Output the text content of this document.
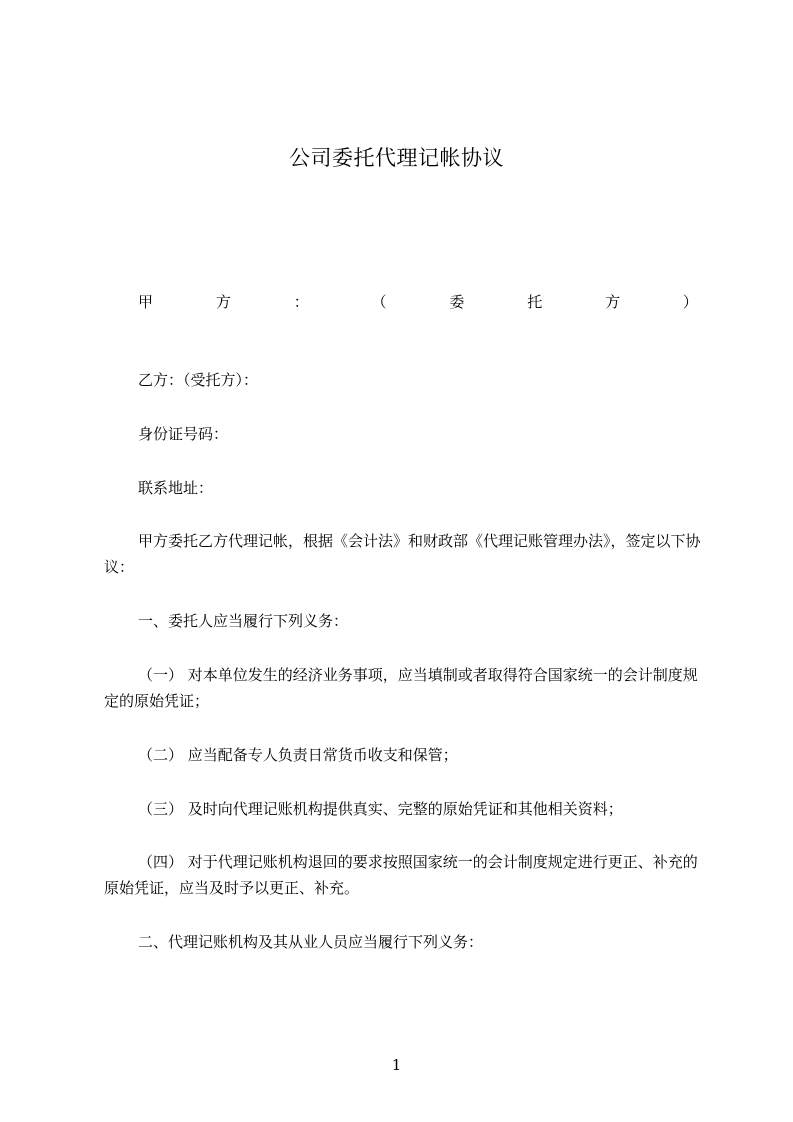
公司委托代理记帐协议
甲	方	：	（	委	托	方	）

乙方：（受托方）：

身份证号码：

联系地址：

甲方委托乙方代理记帐，根据《会计法》和财政部《代理记账管理办法》，签定以下协议：

一、委托人应当履行下列义务：

（一） 对本单位发生的经济业务事项，应当填制或者取得符合国家统一的会计制度规定的原始凭证；

（二） 应当配备专人负责日常货币收支和保管；

（三） 及时向代理记账机构提供真实、完整的原始凭证和其他相关资料；

（四） 对于代理记账机构退回的要求按照国家统一的会计制度规定进行更正、补充的原始凭证，应当及时予以更正、补充。

二、代理记账机构及其从业人员应当履行下列义务：

1
